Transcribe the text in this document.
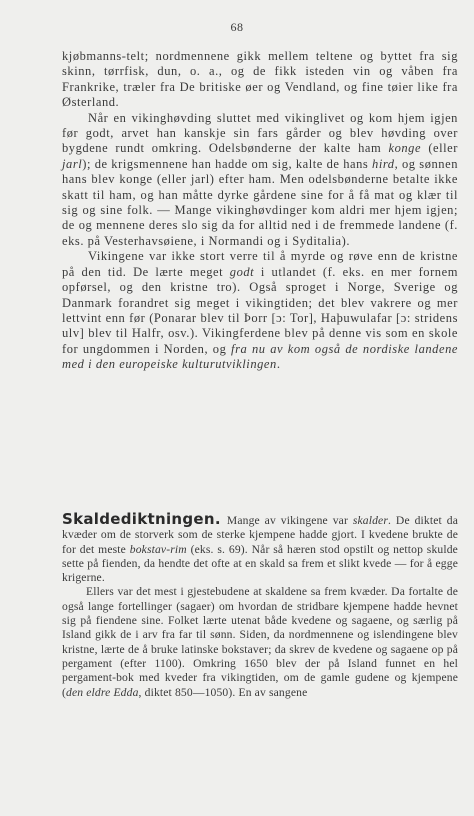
68

kjøbmanns-telt; nordmennene gikk mellem teltene og byttet fra sig skinn, tørrfisk, dun, o. a., og de fikk isteden vin og våben fra Frankrike, træler fra De britiske øer og Vendland, og fine tøier like fra Østerland.

Når en vikinghøvding sluttet med vikinglivet og kom hjem igjen før godt, arvet han kanskje sin fars gårder og blev høvding over bygdene rundt omkring. Odelsbønderne der kalte ham konge (eller jarl); de krigsmennene han hadde om sig, kalte de hans hird, og sønnen hans blev konge (eller jarl) efter ham. Men odelsbønderne betalte ikke skatt til ham, og han måtte dyrke gårdene sine for å få mat og klær til sig og sine folk. — Mange vikinghøvdinger kom aldri mer hjem igjen; de og mennene deres slo sig da for alltid ned i de fremmede landene (f. eks. på Vesterhavsøiene, i Normandi og i Syditalia).

Vikingene var ikke stort verre til å myrde og røve enn de kristne på den tid. De lærte meget godt i utlandet (f. eks. en mer fornem opførsel, og den kristne tro). Også sproget i Norge, Sverige og Danmark forandret sig meget i vikingtiden; det blev vakrere og mer lettvint enn før (Ponarar blev til Þorr [ɔ: Tor], Haþuwulafar [ɔ: stridens ulv] blev til Halfr, osv.). Vikingferdene blev på denne vis som en skole for ungdommen i Norden, og fra nu av kom også de nordiske landene med i den europeiske kulturutviklingen.

Skaldediktningen. Mange av vikingene var skalder. De diktet da kvæder om de storverk som de sterke kjempene hadde gjort. I kvedene brukte de for det meste bokstav-rim (eks. s. 69). Når så hæren stod opstilt og nettop skulde sette på fienden, da hendte det ofte at en skald sa frem et slikt kvede — for å egge krigerne.

Ellers var det mest i gjestebudene at skaldene sa frem kvæder. Da fortalte de også lange fortellinger (sagaer) om hvordan de stridbare kjempene hadde hevnet sig på fiendene sine. Folket lærte utenat både kvedene og sagaene, og særlig på Island gikk de i arv fra far til sønn. Siden, da nordmennene og islendingene blev kristne, lærte de å bruke latinske bokstaver; da skrev de kvedene og sagaene op på pergament (efter 1100). Omkring 1650 blev der på Island funnet en hel pergament-bok med kveder fra vikingtiden, om de gamle gudene og kjempene (den eldre Edda, diktet 850—1050). En av sangene
